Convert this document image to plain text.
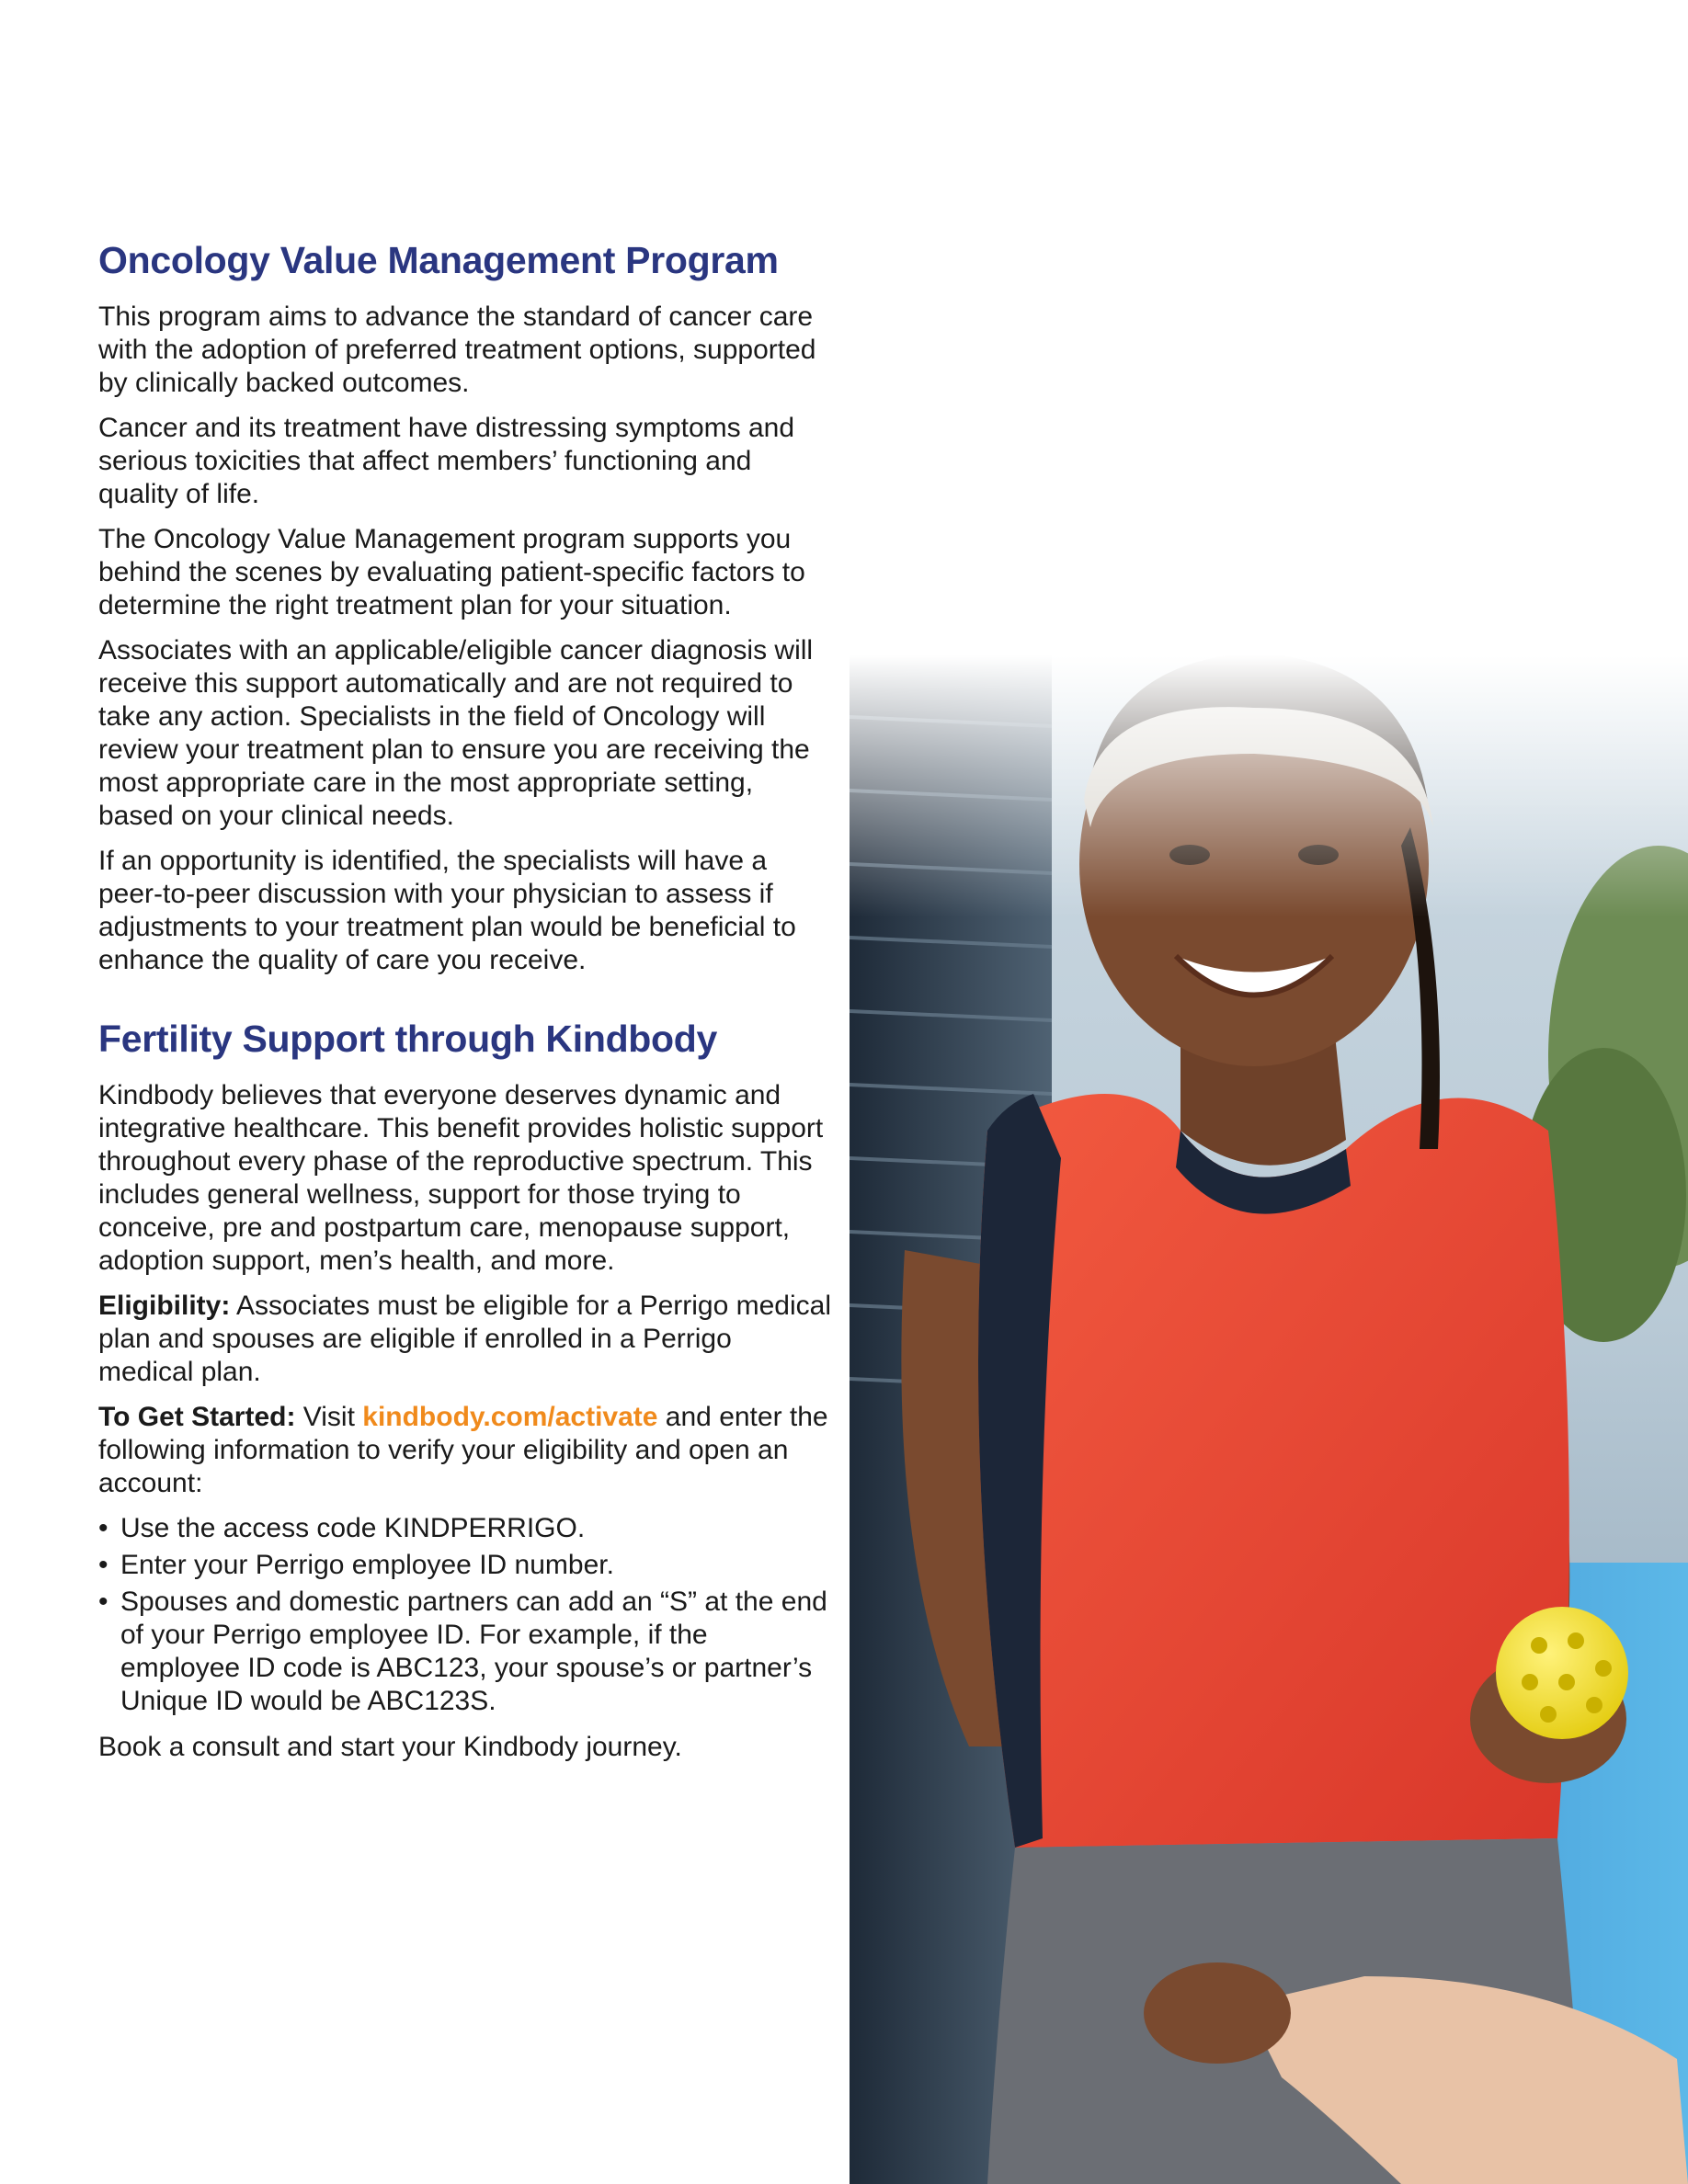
Oncology Value Management Program

This program aims to advance the standard of cancer care with the adoption of preferred treatment options, supported by clinically backed outcomes.

Cancer and its treatment have distressing symptoms and serious toxicities that affect members’ functioning and quality of life.

The Oncology Value Management program supports you behind the scenes by evaluating patient-specific factors to determine the right treatment plan for your situation.

Associates with an applicable/eligible cancer diagnosis will receive this support automatically and are not required to take any action. Specialists in the field of Oncology will review your treatment plan to ensure you are receiving the most appropriate care in the most appropriate setting, based on your clinical needs.

If an opportunity is identified, the specialists will have a peer-to-peer discussion with your physician to assess if adjustments to your treatment plan would be beneficial to enhance the quality of care you receive.

Fertility Support through Kindbody

Kindbody believes that everyone deserves dynamic and integrative healthcare. This benefit provides holistic support throughout every phase of the reproductive spectrum. This includes general wellness, support for those trying to conceive, pre and postpartum care, menopause support, adoption support, men’s health, and more.

Eligibility: Associates must be eligible for a Perrigo medical plan and spouses are eligible if enrolled in a Perrigo medical plan.

To Get Started: Visit kindbody.com/activate and enter the following information to verify your eligibility and open an account:

• Use the access code KINDPERRIGO.
• Enter your Perrigo employee ID number.
• Spouses and domestic partners can add an “S” at the end of your Perrigo employee ID. For example, if the employee ID code is ABC123, your spouse’s or partner’s Unique ID would be ABC123S.

Book a consult and start your Kindbody journey.
